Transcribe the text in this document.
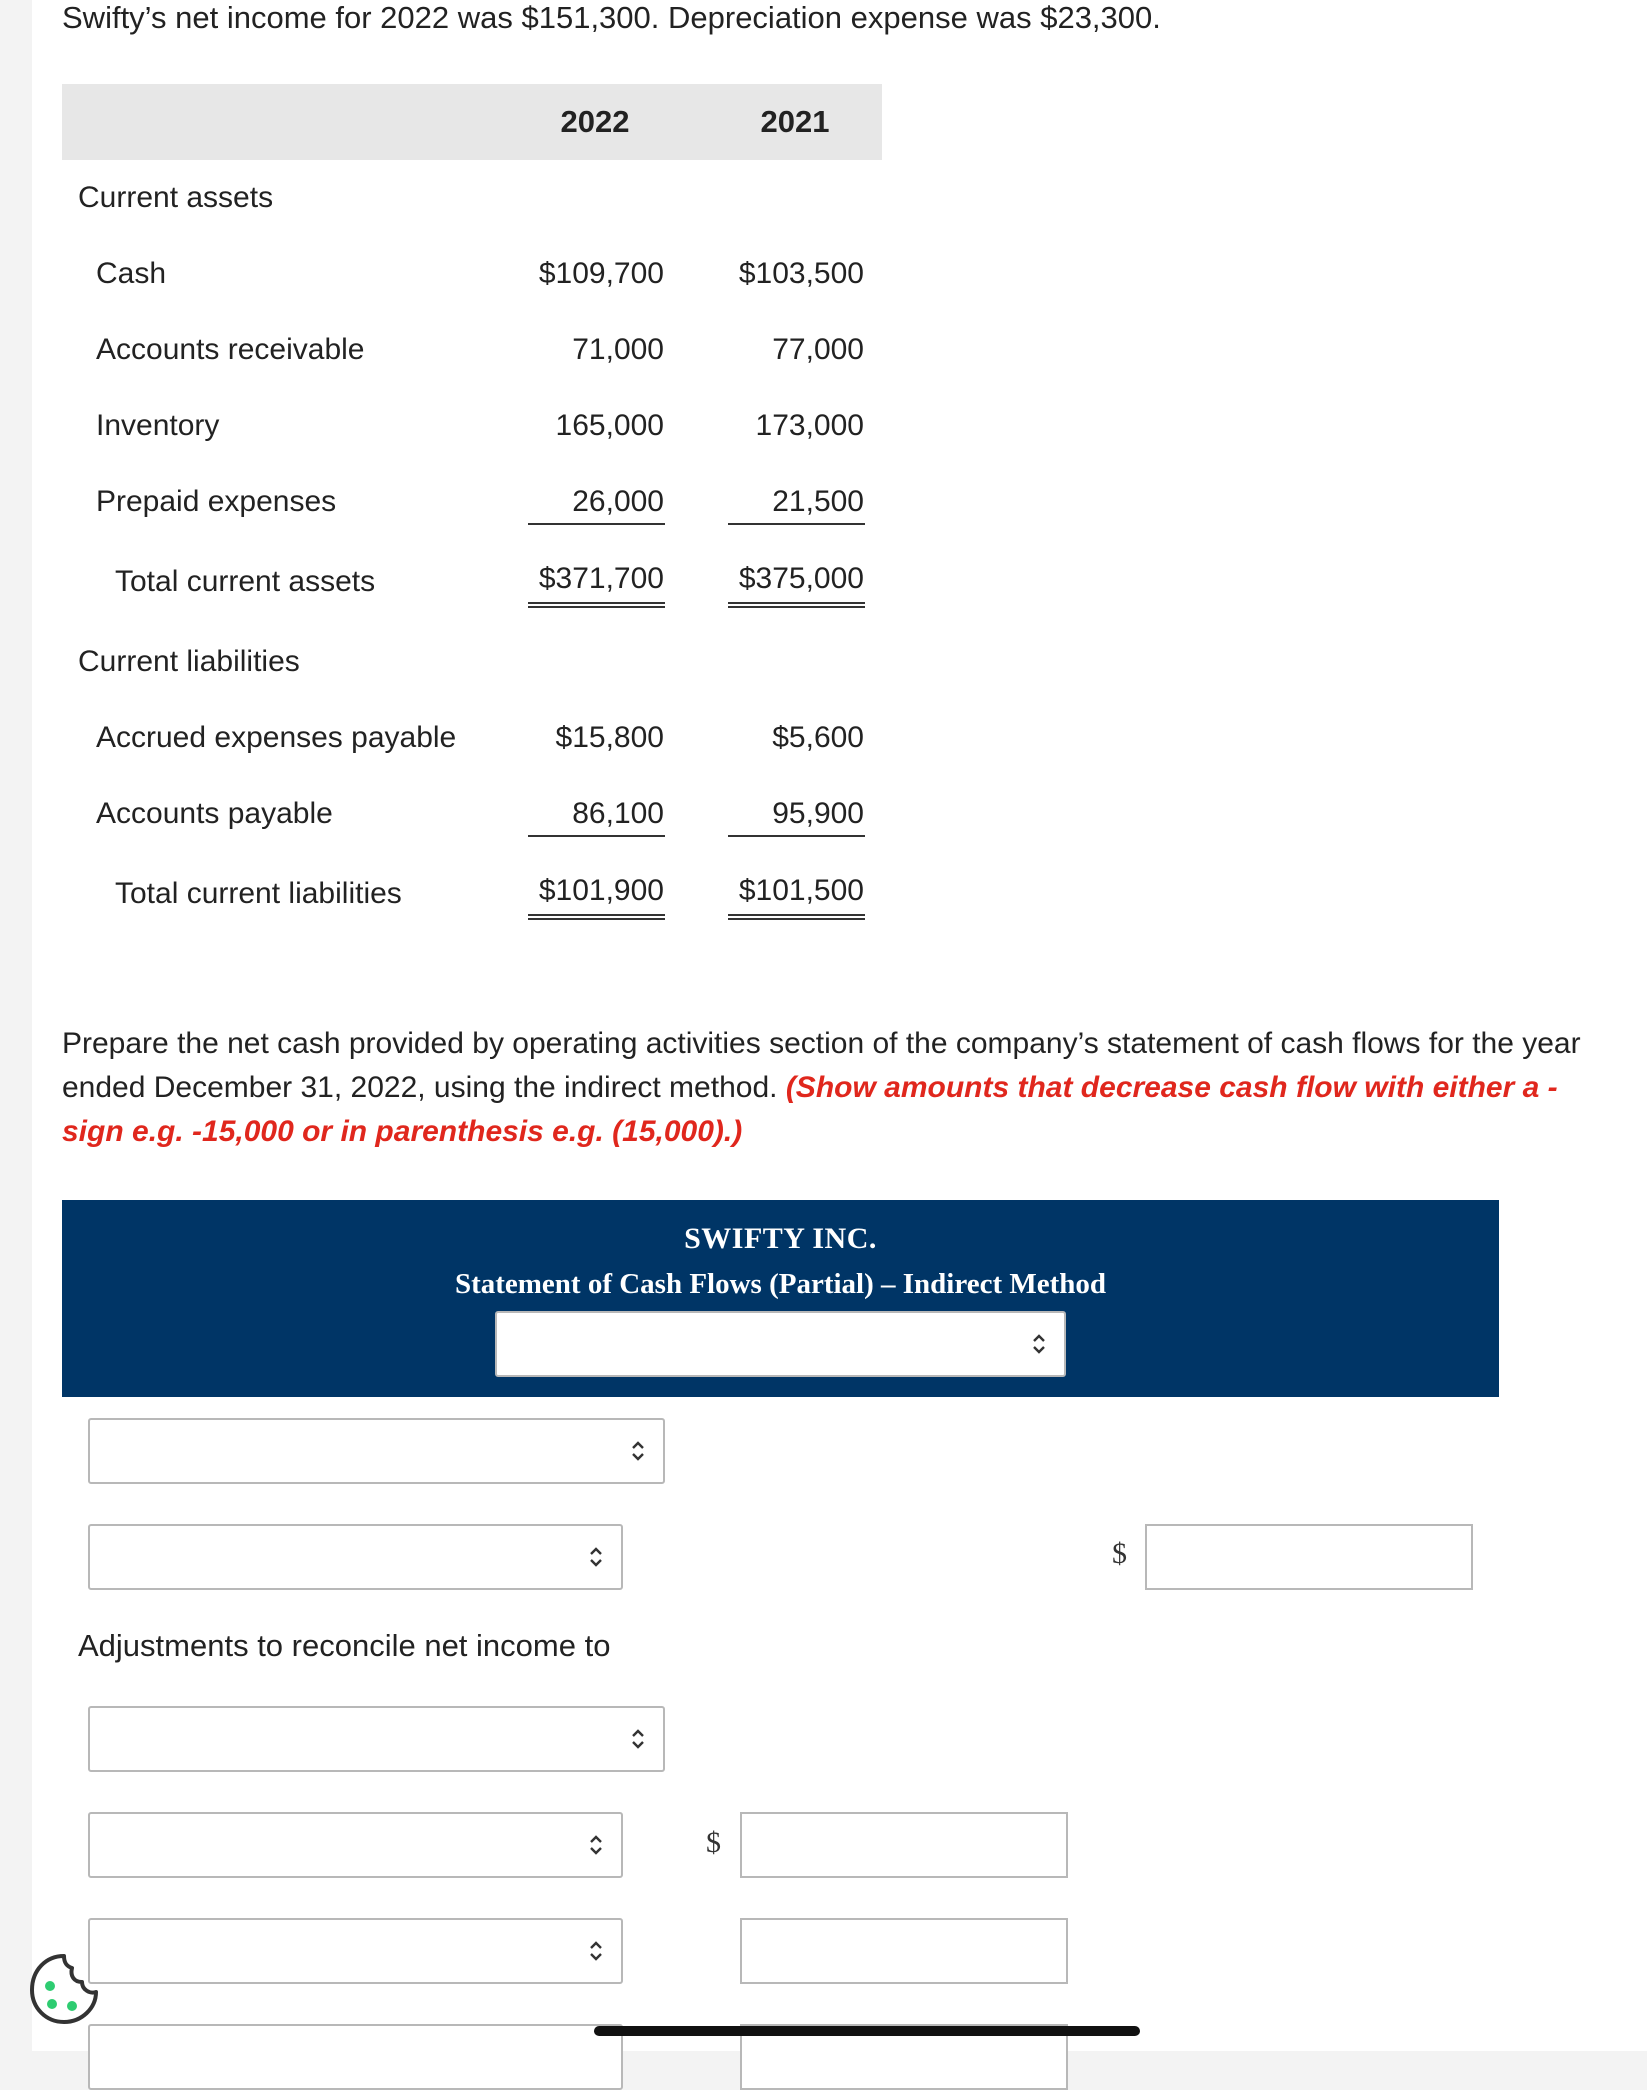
Swifty’s net income for 2022 was $151,300. Depreciation expense was $23,300.
2022	2021
Current assets
Cash	$109,700	$103,500
Accounts receivable	71,000	77,000
Inventory	165,000	173,000
Prepaid expenses	26,000	21,500
Total current assets	$371,700	$375,000
Current liabilities
Accrued expenses payable	$15,800	$5,600
Accounts payable	86,100	95,900
Total current liabilities	$101,900	$101,500
Prepare the net cash provided by operating activities section of the company’s statement of cash flows for the year ended December 31, 2022, using the indirect method. (Show amounts that decrease cash flow with either a - sign e.g. -15,000 or in parenthesis e.g. (15,000).)
SWIFTY INC.
Statement of Cash Flows (Partial) – Indirect Method
$
Adjustments to reconcile net income to
$
